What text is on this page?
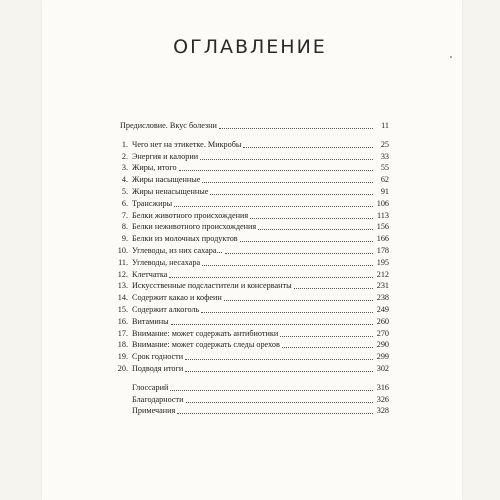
ОГЛАВЛЕНИЕ
Предисловие. Вкус болезни	11
1. Чего нет на этикетке. Микробы	25
2. Энергия и калории	33
3. Жиры, итого	55
4. Жиры насыщенные	62
5. Жиры ненасыщенные	91
6. Трансжиры	106
7. Белки животного происхождения	113
8. Белки неживотного происхождения	156
9. Белки из молочных продуктов	166
10. Углеводы, из них сахара...	178
11. Углеводы, несахара	195
12. Клетчатка	212
13. Искусственные подсластители и консерванты	231
14. Содержит какао и кофеин	238
15. Содержит алкоголь	249
16. Витамины	260
17. Внимание: может содержать антибиотики	270
18. Внимание: может содержать следы орехов	290
19. Срок годности	299
20. Подводя итоги	302
Глоссарий	316
Благодарности	326
Примечания	328
